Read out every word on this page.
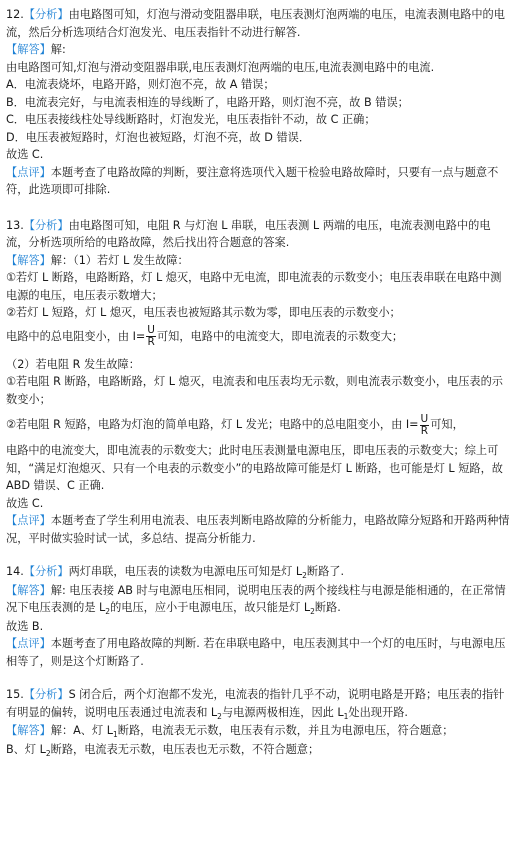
12.【分析】由电路图可知，灯泡与滑动变阻器串联，电压表测灯泡两端的电压，电流表测电路中的电流，然后分析选项结合灯泡发光、电压表指针不动进行解答.

【解答】解:

由电路图可知,灯泡与滑动变阻器串联,电压表测灯泡两端的电压,电流表测电路中的电流.

A．电流表烧坏，电路开路，则灯泡不亮，故 A 错误；

B．电流表完好，与电流表相连的导线断了，电路开路，则灯泡不亮，故 B 错误；

C．电压表接线柱处导线断路时，灯泡发光，电压表指针不动，故 C 正确；

D．电压表被短路时，灯泡也被短路，灯泡不亮，故 D 错误．

故选 C.

【点评】本题考查了电路故障的判断，要注意将选项代入题干检验电路故障时，只要有一点与题意不符，此选项即可排除.

13.【分析】由电路图可知，电阻 R 与灯泡 L 串联，电压表测 L 两端的电压，电流表测电路中的电流，分析选项所给的电路故障，然后找出符合题意的答案.

【解答】解：（1）若灯 L 发生故障：

①若灯 L 断路，电路断路，灯 L 熄灭，电路中无电流，即电流表的示数变小；电压表串联在电路中测电源的电压，电压表示数增大；

②若灯 L 短路，灯 L 熄灭，电压表也被短路其示数为零，即电压表的示数变小；

电路中的总电阻变小，由 $I= \frac{U}{R}$ 可知，电路中的电流变大，即电流表的示数变大；

（2）若电阻 R 发生故障：

①若电阻 R 断路，电路断路，灯 L 熄灭，电流表和电压表均无示数，则电流表示数变小，电压表的示数变小；

②若电阻 R 短路，电路为灯泡的简单电路，灯 L 发光；电路中的总电阻变小，由 $I= \frac{U}{R}$ 可知，

电路中的电流变大，即电流表的示数变大；此时电压表测量电源电压，即电压表的示数变大；综上可知，“满足灯泡熄灭、只有一个电表的示数变小”的电路故障可能是灯 L 断路，也可能是灯 L 短路，故 ABD 错误、C 正确.

故选 C.

【点评】本题考查了学生利用电流表、电压表判断电路故障的分析能力，电路故障分短路和开路两种情况，平时做实验时试一试，多总结、提高分析能力.

14.【分析】两灯串联，电压表的读数为电源电压可知是灯 $L_2$断路了.

【解答】解: 电压表接 AB 时与电源电压相同，说明电压表的两个接线柱与电源是能相通的，在正常情况下电压表测的是 $L_2$的电压，应小于电源电压，故只能是灯 $L_2$断路.

故选 B.

【点评】本题考查了用电路故障的判断. 若在串联电路中，电压表测其中一个灯的电压时，与电源电压相等了，则是这个灯断路了.

15.【分析】S 闭合后，两个灯泡都不发光，电流表的指针几乎不动，说明电路是开路；电压表的指针有明显的偏转，说明电压表通过电流表和 $L_2$与电源两极相连，因此 $L_1$处出现开路.

【解答】解：A、灯 $L_1$断路，电流表无示数，电压表有示数，并且为电源电压，符合题意；

B、灯 $L_2$断路，电流表无示数，电压表也无示数，不符合题意；
